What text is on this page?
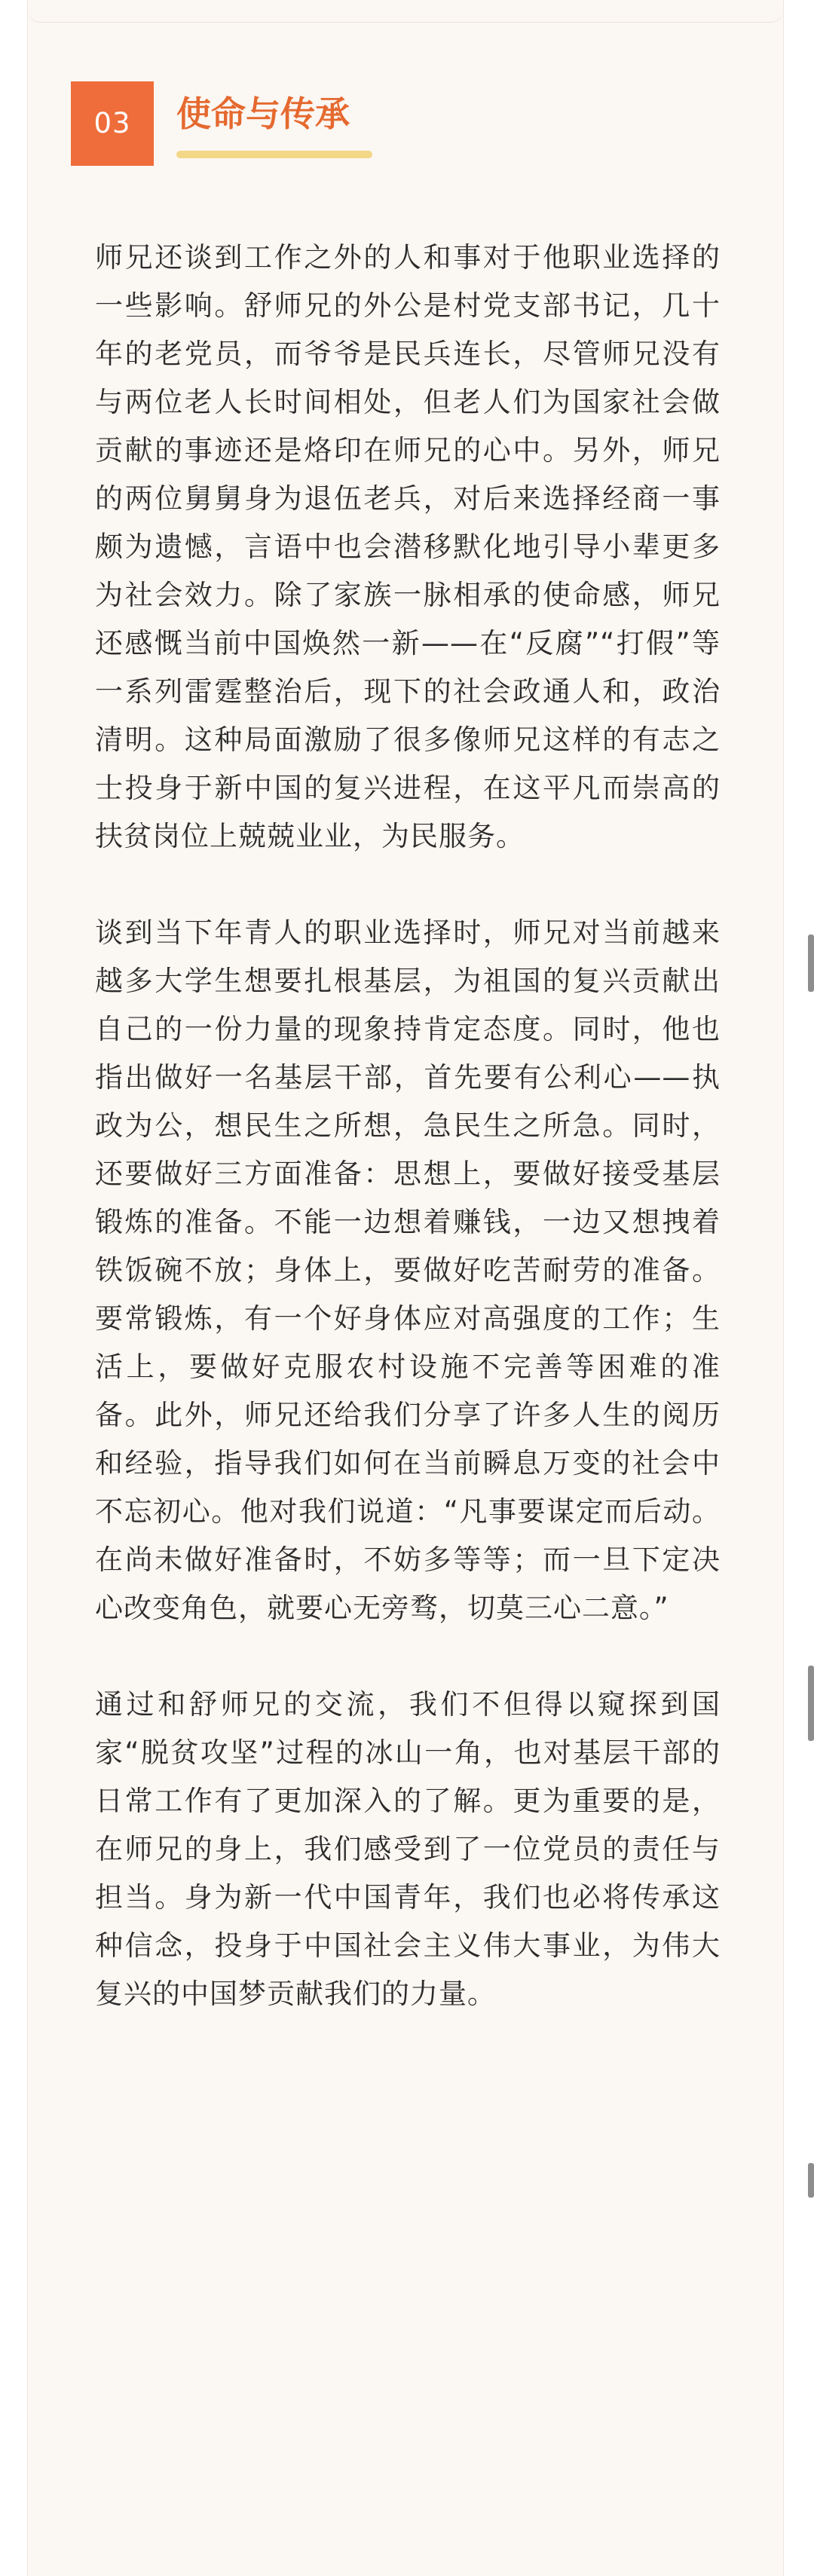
03	使命与传承

师兄还谈到工作之外的人和事对于他职业选择的一些影响。舒师兄的外公是村党支部书记，几十年的老党员，而爷爷是民兵连长，尽管师兄没有与两位老人长时间相处，但老人们为国家社会做贡献的事迹还是烙印在师兄的心中。另外，师兄的两位舅舅身为退伍老兵，对后来选择经商一事颇为遗憾，言语中也会潜移默化地引导小辈更多为社会效力。除了家族一脉相承的使命感，师兄还感慨当前中国焕然一新——在“反腐”“打假”等一系列雷霆整治后，现下的社会政通人和，政治清明。这种局面激励了很多像师兄这样的有志之士投身于新中国的复兴进程，在这平凡而崇高的扶贫岗位上兢兢业业，为民服务。

谈到当下年青人的职业选择时，师兄对当前越来越多大学生想要扎根基层，为祖国的复兴贡献出自己的一份力量的现象持肯定态度。同时，他也指出做好一名基层干部，首先要有公利心——执政为公，想民生之所想，急民生之所急。同时，还要做好三方面准备：思想上，要做好接受基层锻炼的准备。不能一边想着赚钱，一边又想拽着铁饭碗不放；身体上，要做好吃苦耐劳的准备。要常锻炼，有一个好身体应对高强度的工作；生活上，要做好克服农村设施不完善等困难的准备。此外，师兄还给我们分享了许多人生的阅历和经验，指导我们如何在当前瞬息万变的社会中不忘初心。他对我们说道：“凡事要谋定而后动。在尚未做好准备时，不妨多等等；而一旦下定决心改变角色，就要心无旁骛，切莫三心二意。”

通过和舒师兄的交流，我们不但得以窥探到国家“脱贫攻坚”过程的冰山一角，也对基层干部的日常工作有了更加深入的了解。更为重要的是，在师兄的身上，我们感受到了一位党员的责任与担当。身为新一代中国青年，我们也必将传承这种信念，投身于中国社会主义伟大事业，为伟大复兴的中国梦贡献我们的力量。
